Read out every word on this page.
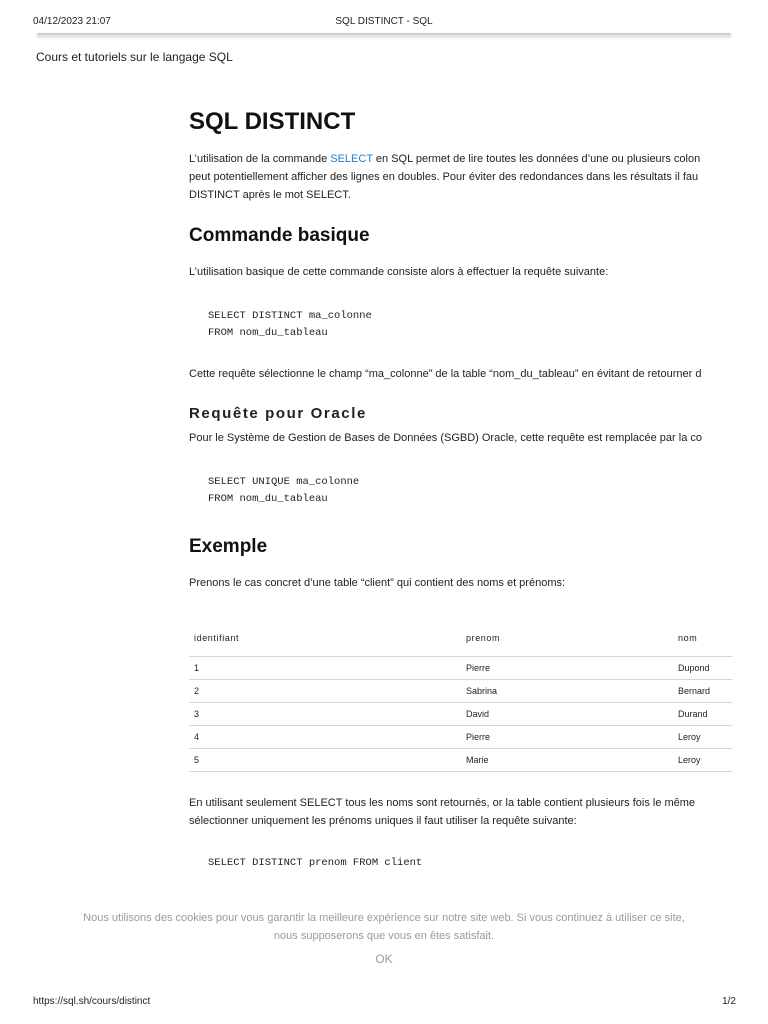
04/12/2023 21:07	SQL DISTINCT - SQL
Cours et tutoriels sur le langage SQL
SQL DISTINCT

L’utilisation de la commande SELECT en SQL permet de lire toutes les données d’une ou plusieurs colon
peut potentiellement afficher des lignes en doubles. Pour éviter des redondances dans les résultats il fau
DISTINCT après le mot SELECT.

Commande basique

L’utilisation basique de cette commande consiste alors à effectuer la requête suivante:

SELECT DISTINCT ma_colonne
FROM nom_du_tableau

Cette requête sélectionne le champ “ma_colonne” de la table “nom_du_tableau” en évitant de retourner d

Requête pour Oracle

Pour le Système de Gestion de Bases de Données (SGBD) Oracle, cette requête est remplacée par la co

SELECT UNIQUE ma_colonne
FROM nom_du_tableau
Exemple

Prenons le cas concret d’une table “client” qui contient des noms et prénoms:

identifiant	prenom	nom
1	Pierre	Dupond
2	Sabrina	Bernard
3	David	Durand
4	Pierre	Leroy
5	Marie	Leroy

En utilisant seulement SELECT tous les noms sont retournés, or la table contient plusieurs fois le même

sélectionner uniquement les prénoms uniques il faut utiliser la requête suivante:

SELECT DISTINCT prenom FROM client
Nous utilisons des cookies pour vous garantir la meilleure expérience sur notre site web. Si vous continuez à utiliser ce site,
nous supposerons que vous en êtes satisfait.
OK
https://sql.sh/cours/distinct	1/2
